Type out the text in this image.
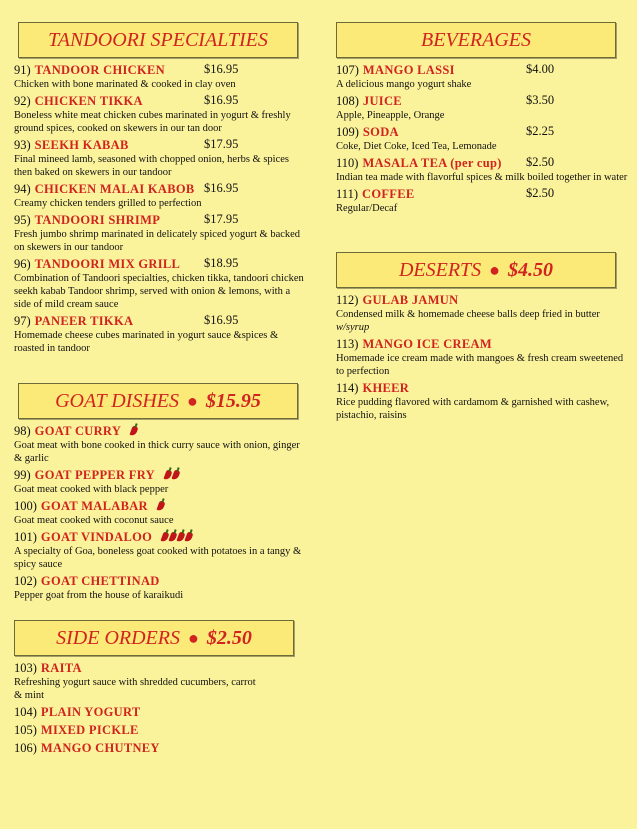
TANDOORI SPECIALTIES
91) TANDOOR CHICKEN	$16.95
Chicken with bone marinated & cooked in clay oven
92) CHICKEN TIKKA	$16.95
Boneless white meat chicken cubes marinated in yogurt & freshly ground spices, cooked on skewers in our tan door
93) SEEKH KABAB	$17.95
Final mineed lamb, seasoned with chopped onion, herbs & spices then baked on skewers in our tandoor
94) CHICKEN MALAI KABOB $16.95
Creamy chicken tenders grilled to perfection
95) TANDOORI SHRIMP	$17.95
Fresh jumbo shrimp marinated in delicately spiced yogurt & backed on skewers in our tandoor
96) TANDOORI MIX GRILL $18.95
Combination of Tandoori specialties, chicken tikka, tandoori chicken seekh kabab Tandoor shrimp, served with onion & lemons, with a side of mild cream sauce
97) PANEER TIKKA	$16.95
Homemade cheese cubes marinated in yogurt sauce &spices & roasted in tandoor
GOAT DISHES ● $15.95
98) GOAT CURRY
Goat meat with bone cooked in thick curry sauce with onion, ginger & garlic
99) GOAT PEPPER FRY
Goat meat cooked with black pepper
100) GOAT MALABAR
Goat meat cooked with coconut sauce
101) GOAT VINDALOO
A specialty of Goa, boneless goat cooked with potatoes in a tangy & spicy sauce
102) GOAT CHETTINAD
Pepper goat from the house of karaikudi
SIDE ORDERS ● $2.50
103) RAITA
Refreshing yogurt sauce with shredded cucumbers, carrot & mint
104) PLAIN YOGURT
105) MIXED PICKLE
106) MANGO CHUTNEY
BEVERAGES
107) MANGO LASSI	$4.00
A delicious mango yogurt shake
108) JUICE	$3.50
Apple, Pineapple, Orange
109) SODA	$2.25
Coke, Diet Coke, Iced Tea, Lemonade
110) MASALA TEA (per cup) $2.50
Indian tea made with flavorful spices & milk boiled together in water
111) COFFEE	$2.50
Regular/Decaf
DESERTS ● $4.50
112) GULAB JAMUN
Condensed milk & homemade cheese balls deep fried in butter w/syrup
113) MANGO ICE CREAM
Homemade ice cream made with mangoes & fresh cream sweetened to perfection
114) KHEER
Rice pudding flavored with cardamom & garnished with cashew, pistachio, raisins
